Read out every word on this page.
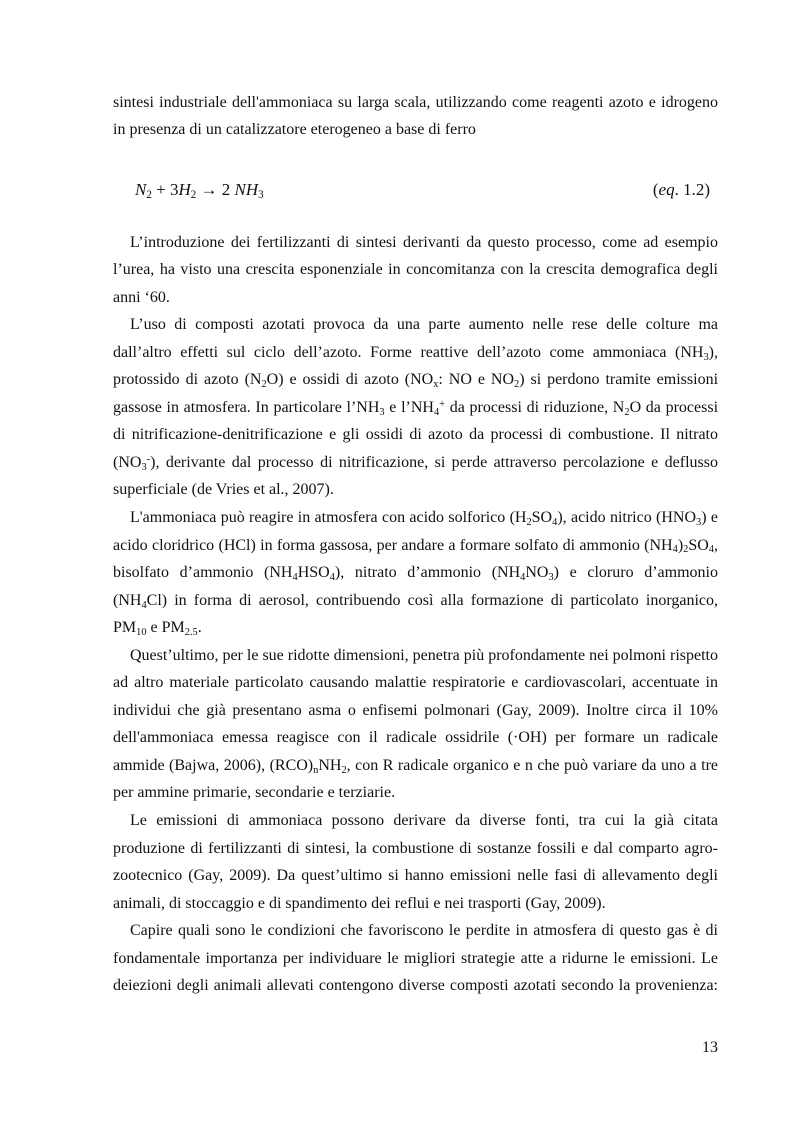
sintesi industriale dell'ammoniaca su larga scala, utilizzando come reagenti azoto e idrogeno
in presenza di un catalizzatore eterogeneo a base di ferro
$N_2 + 3H_2 \to 2$ $NH_3$	(eq. 1.2)
L’introduzione dei fertilizzanti di sintesi derivanti da questo processo, come ad esempio
l’urea, ha visto una crescita esponenziale in concomitanza con la crescita demografica degli
anni ‘60.
L’uso di composti azotati provoca da una parte aumento nelle rese delle colture ma
dall’altro effetti sul ciclo dell’azoto. Forme reattive dell’azoto come ammoniaca $(NH_3)$,
protossido di azoto $(N_2O)$ e ossidi di azoto ($NO_x$: NO e $NO_2$) si perdono tramite emissioni
gassose in atmosfera. In particolare $l’NH_3$ e $l’NH_4^+$ da processi di riduzione, $N_2O$ da processi
di nitrificazione-denitrificazione e gli ossidi di azoto da processi di combustione. Il nitrato
$(NO_3^-)$, derivante dal processo di nitrificazione, si perde attraverso percolazione e deflusso
superficiale (de Vries et al., 2007).
L'ammoniaca può reagire in atmosfera con acido solforico $(H_2SO_4)$, acido nitrico $(HNO_3)$ e
acido cloridrico (HCl) in forma gassosa, per andare a formare solfato di ammonio $(NH_4)_2SO_4$,
bisolfato d’ammonio $(NH_4HSO_4)$, nitrato d’ammonio $(NH_4NO_3)$ e cloruro d’ammonio
$(NH_4Cl)$ in forma di aerosol, contribuendo così alla formazione di particolato inorganico,
$PM_{10}$ e $PM_{2.5}$.
Quest’ultimo, per le sue ridotte dimensioni, penetra più profondamente nei polmoni rispetto
ad altro materiale particolato causando malattie respiratorie e cardiovascolari, accentuate in
individui che già presentano asma o enfisemi polmonari (Gay, 2009). Inoltre circa il 10%
dell'ammoniaca emessa reagisce con il radicale ossidrile (·OH) per formare un radicale
ammide (Bajwa, 2006), $(RCO)_nNH_2$, con R radicale organico e n che può variare da uno a tre
per ammine primarie, secondarie e terziarie.
Le emissioni di ammoniaca possono derivare da diverse fonti, tra cui la già citata
produzione di fertilizzanti di sintesi, la combustione di sostanze fossili e dal comparto agro-
zootecnico (Gay, 2009). Da quest’ultimo si hanno emissioni nelle fasi di allevamento degli
animali, di stoccaggio e di spandimento dei reflui e nei trasporti (Gay, 2009).
Capire quali sono le condizioni che favoriscono le perdite in atmosfera di questo gas è di
fondamentale importanza per individuare le migliori strategie atte a ridurne le emissioni. Le
deiezioni degli animali allevati contengono diverse composti azotati secondo la provenienza:
13
